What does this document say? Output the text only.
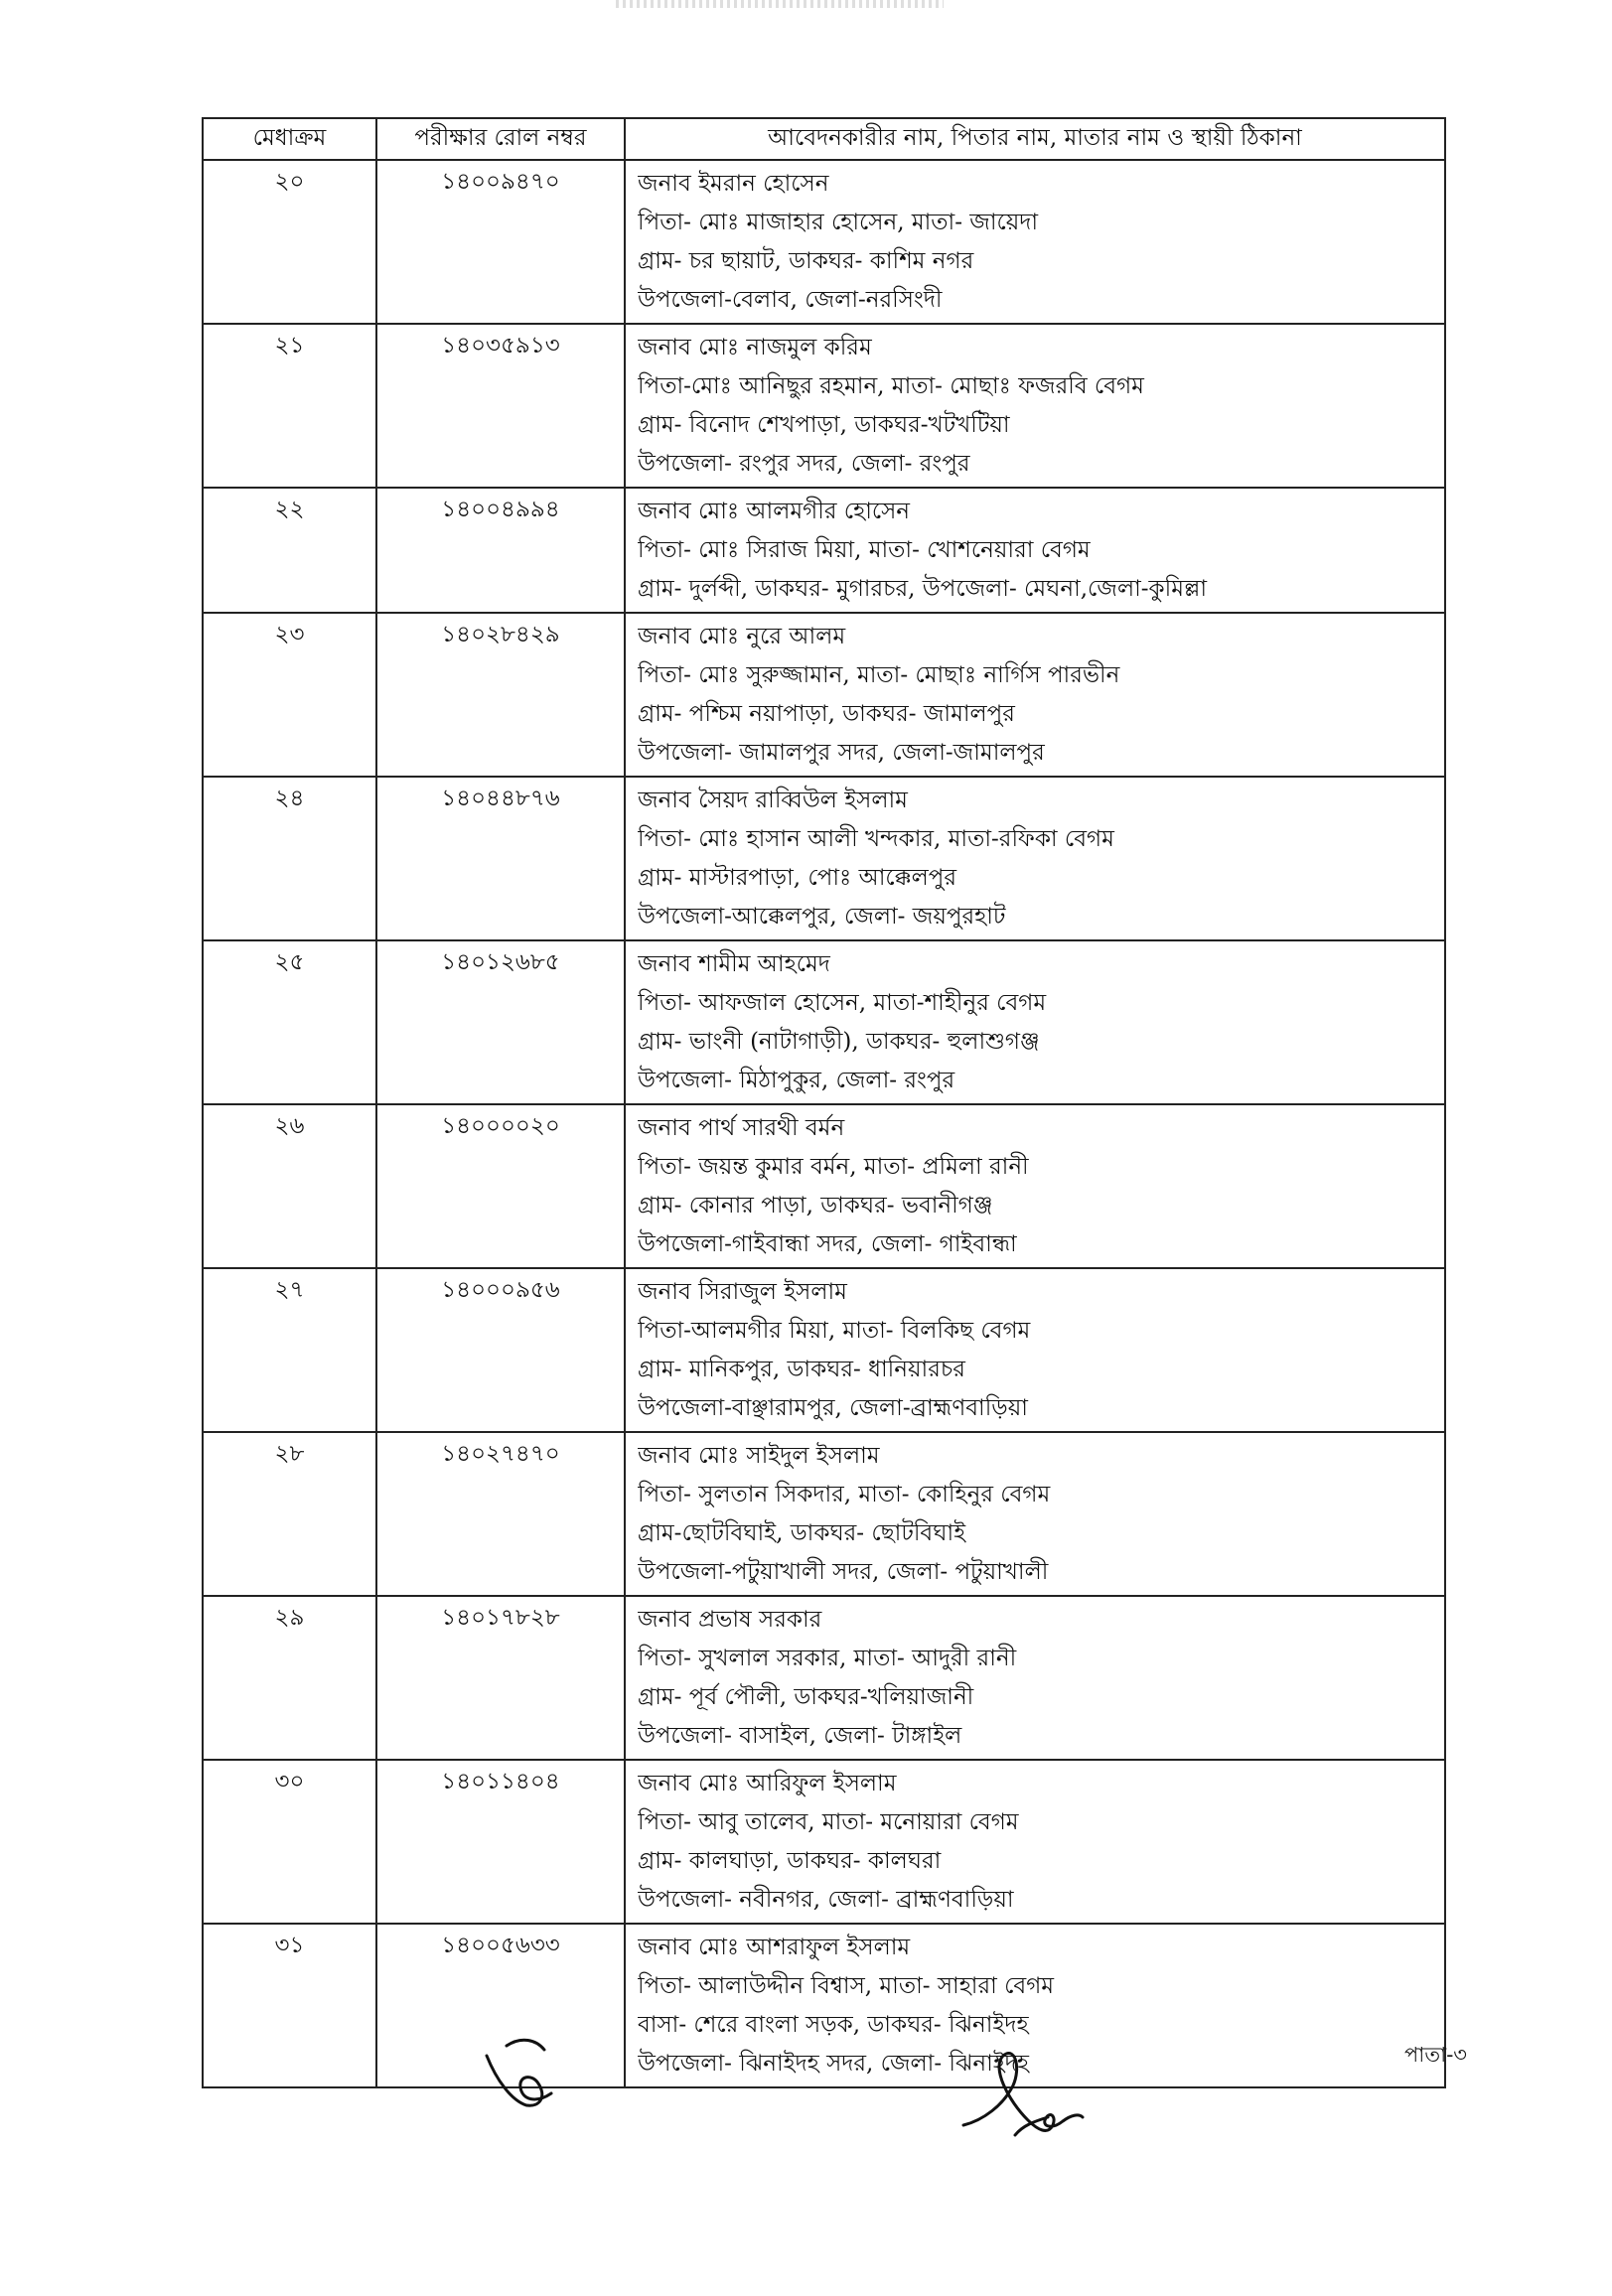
মেধাক্রম	পরীক্ষার রোল নম্বর	আবেদনকারীর নাম, পিতার নাম, মাতার নাম ও স্থায়ী ঠিকানা

২০	১৪০০৯৪৭০	জনাব ইমরান হোসেন
পিতা- মোঃ মাজাহার হোসেন, মাতা- জায়েদা
গ্রাম- চর ছায়াট, ডাকঘর- কাশিম নগর
উপজেলা-বেলাব, জেলা-নরসিংদী

২১	১৪০৩৫৯১৩	জনাব মোঃ নাজমুল করিম
পিতা-মোঃ আনিছুর রহমান, মাতা- মোছাঃ ফজরবি বেগম
গ্রাম- বিনোদ শেখপাড়া, ডাকঘর-খটখটিয়া
উপজেলা- রংপুর সদর, জেলা- রংপুর

২২	১৪০০৪৯৯৪	জনাব মোঃ আলমগীর হোসেন
পিতা- মোঃ সিরাজ মিয়া, মাতা- খোশনেয়ারা বেগম
গ্রাম- দুর্লব্দী, ডাকঘর- মুগারচর, উপজেলা- মেঘনা,জেলা-কুমিল্লা

২৩	১৪০২৮৪২৯	জনাব মোঃ নুরে আলম
পিতা- মোঃ সুরুজ্জামান, মাতা- মোছাঃ নার্গিস পারভীন
গ্রাম- পশ্চিম নয়াপাড়া, ডাকঘর- জামালপুর
উপজেলা- জামালপুর সদর, জেলা-জামালপুর

২৪	১৪০৪৪৮৭৬	জনাব সৈয়দ রাব্বিউল ইসলাম
পিতা- মোঃ হাসান আলী খন্দকার, মাতা-রফিকা বেগম
গ্রাম- মাস্টারপাড়া, পোঃ আক্কেলপুর
উপজেলা-আক্কেলপুর, জেলা- জয়পুরহাট

২৫	১৪০১২৬৮৫	জনাব শামীম আহমেদ
পিতা- আফজাল হোসেন, মাতা-শাহীনুর বেগম
গ্রাম- ভাংনী (নাটাগাড়ী), ডাকঘর- হুলাশুগঞ্জ
উপজেলা- মিঠাপুকুর, জেলা- রংপুর

২৬	১৪০০০০২০	জনাব পার্থ সারথী বর্মন
পিতা- জয়ন্ত কুমার বর্মন, মাতা- প্রমিলা রানী
গ্রাম- কোনার পাড়া, ডাকঘর- ভবানীগঞ্জ
উপজেলা-গাইবান্ধা সদর, জেলা- গাইবান্ধা

২৭	১৪০০০৯৫৬	জনাব সিরাজুল ইসলাম
পিতা-আলমগীর মিয়া, মাতা- বিলকিছ বেগম
গ্রাম- মানিকপুর, ডাকঘর- ধানিয়ারচর
উপজেলা-বাঞ্ছারামপুর, জেলা-ব্রাহ্মণবাড়িয়া

২৮	১৪০২৭৪৭০	জনাব মোঃ সাইদুল ইসলাম
পিতা- সুলতান সিকদার, মাতা- কোহিনুর বেগম
গ্রাম-ছোটবিঘাই, ডাকঘর- ছোটবিঘাই
উপজেলা-পটুয়াখালী সদর, জেলা- পটুয়াখালী

২৯	১৪০১৭৮২৮	জনাব প্রভাষ সরকার
পিতা- সুখলাল সরকার, মাতা- আদুরী রানী
গ্রাম- পূর্ব পৌলী, ডাকঘর-খলিয়াজানী
উপজেলা- বাসাইল, জেলা- টাঙ্গাইল

৩০	১৪০১১৪০৪	জনাব মোঃ আরিফুল ইসলাম
পিতা- আবু তালেব, মাতা- মনোয়ারা বেগম
গ্রাম- কালঘাড়া, ডাকঘর- কালঘরা
উপজেলা- নবীনগর, জেলা- ব্রাহ্মণবাড়িয়া

৩১	১৪০০৫৬৩৩	জনাব মোঃ আশরাফুল ইসলাম
পিতা- আলাউদ্দীন বিশ্বাস, মাতা- সাহারা বেগম
বাসা- শেরে বাংলা সড়ক, ডাকঘর- ঝিনাইদহ
উপজেলা- ঝিনাইদহ সদর, জেলা- ঝিনাইদহ	পাতা-৩
